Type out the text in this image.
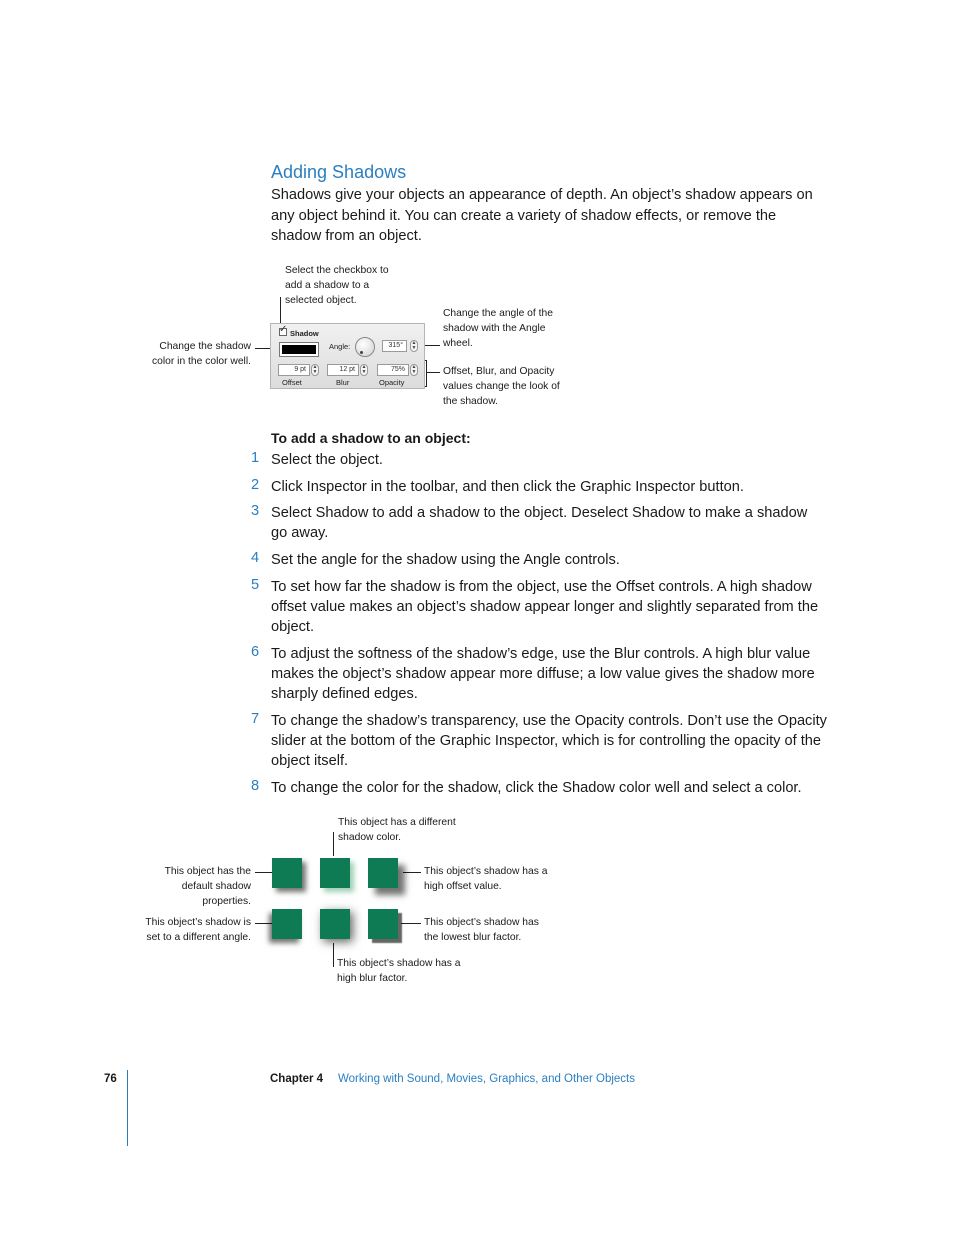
Adding Shadows
Shadows give your objects an appearance of depth. An object’s shadow appears on any object behind it. You can create a variety of shadow effects, or remove the shadow from an object.
Select the checkbox to add a shadow to a selected object.
Change the shadow color in the color well.
Change the angle of the shadow with the Angle wheel.
Offset, Blur, and Opacity values change the look of the shadow.
✓ Shadow
Angle:	315°	▲
▼
9 pt	▲
▼
Offset
12 pt	▲
▼
Blur
75%	▲
▼
Opacity
To add a shadow to an object:
1 Select the object.
2 Click Inspector in the toolbar, and then click the Graphic Inspector button.
3 Select Shadow to add a shadow to the object. Deselect Shadow to make a shadow go away.
4 Set the angle for the shadow using the Angle controls.
5 To set how far the shadow is from the object, use the Offset controls. A high shadow offset value makes an object’s shadow appear longer and slightly separated from the object.
6 To adjust the softness of the shadow’s edge, use the Blur controls. A high blur value makes the object’s shadow appear more diffuse; a low value gives the shadow more sharply defined edges.
7 To change the shadow’s transparency, use the Opacity controls. Don’t use the Opacity slider at the bottom of the Graphic Inspector, which is for controlling the opacity of the object itself.
8 To change the color for the shadow, click the Shadow color well and select a color.
This object has a different shadow color.
This object has the default shadow properties.
This object’s shadow has a high offset value.
This object’s shadow is set to a different angle.
This object’s shadow has the lowest blur factor.
This object’s shadow has a high blur factor.
76	Chapter 4 Working with Sound, Movies, Graphics, and Other Objects
